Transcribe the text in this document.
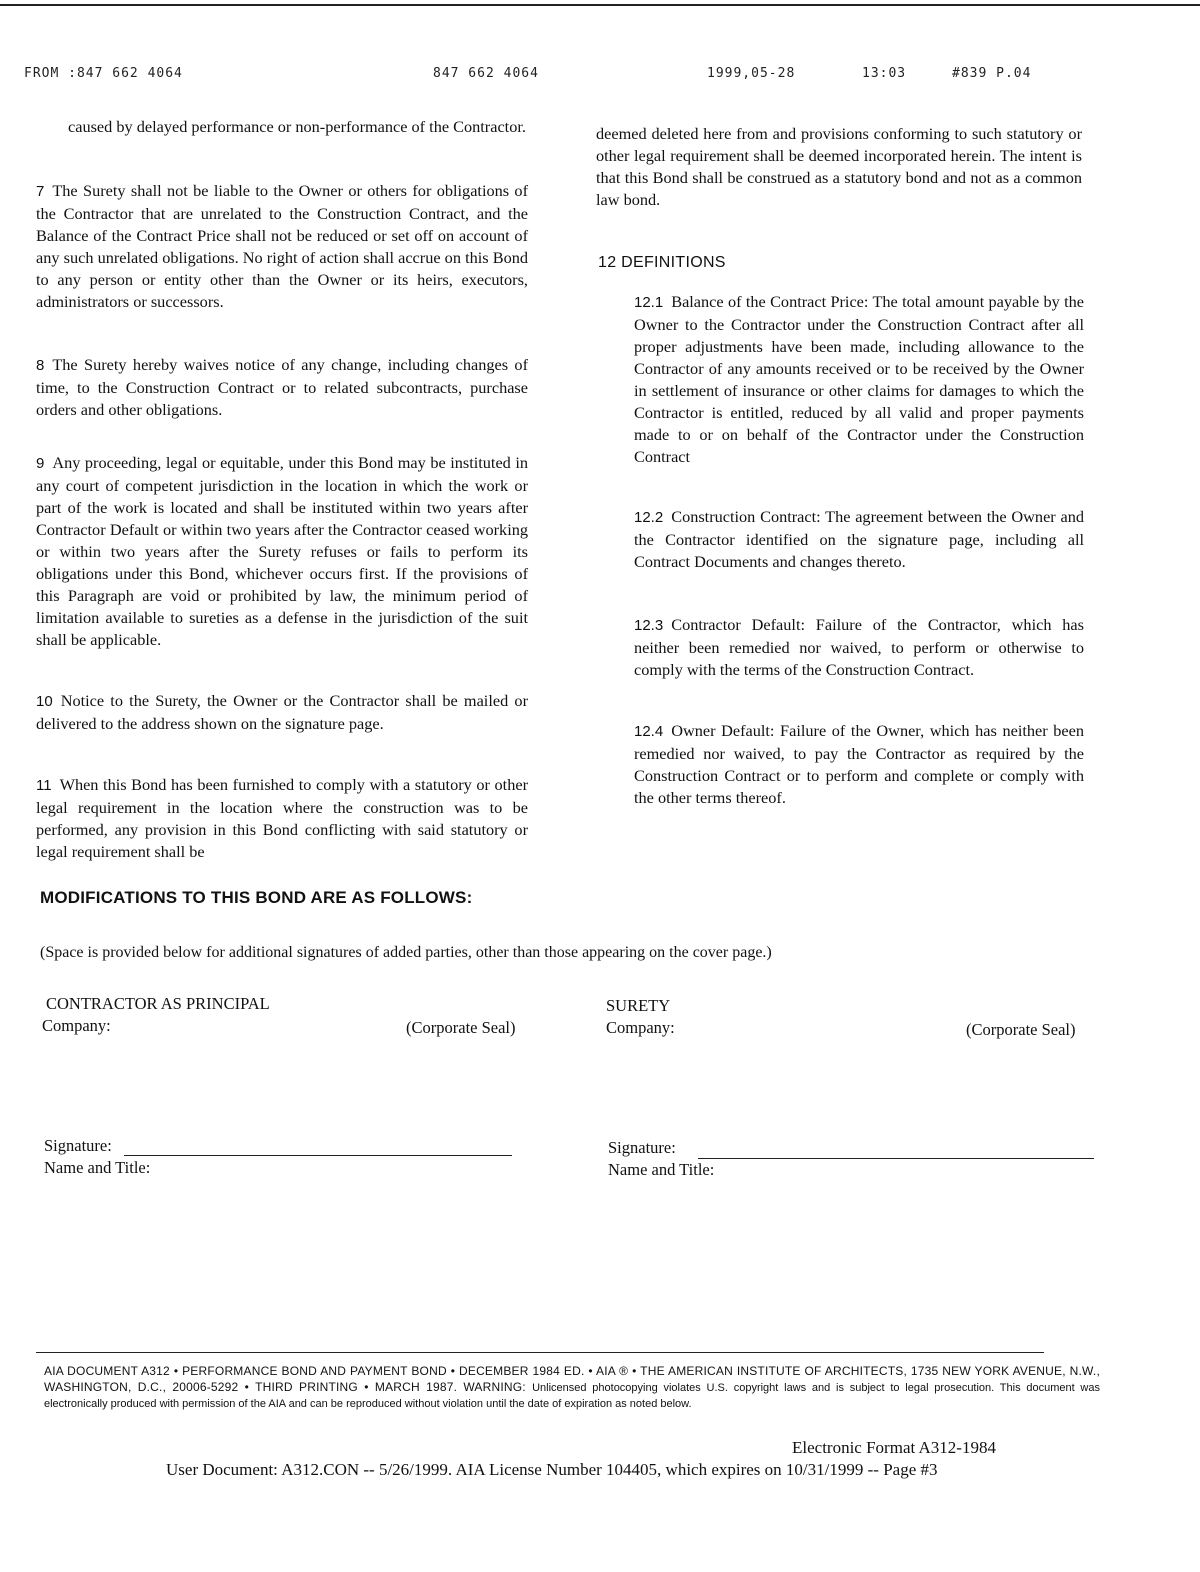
FROM :847 662 4064	847 662 4064	1999,05-28	13:03	#839 P.04

caused by delayed performance or non-performance of the Contractor.

7 The Surety shall not be liable to the Owner or others for obligations of the Contractor that are unrelated to the Construction Contract, and the Balance of the Contract Price shall not be reduced or set off on account of any such unrelated obligations. No right of action shall accrue on this Bond to any person or entity other than the Owner or its heirs, executors, administrators or successors.

8 The Surety hereby waives notice of any change, including changes of time, to the Construction Contract or to related subcontracts, purchase orders and other obligations.

9 Any proceeding, legal or equitable, under this Bond may be instituted in any court of competent jurisdiction in the location in which the work or part of the work is located and shall be instituted within two years after Contractor Default or within two years after the Contractor ceased working or within two years after the Surety refuses or fails to perform its obligations under this Bond, whichever occurs first. If the provisions of this Paragraph are void or prohibited by law, the minimum period of limitation available to sureties as a defense in the jurisdiction of the suit shall be applicable.

10 Notice to the Surety, the Owner or the Contractor shall be mailed or delivered to the address shown on the signature page.

11 When this Bond has been furnished to comply with a statutory or other legal requirement in the location where the construction was to be performed, any provision in this Bond conflicting with said statutory or legal requirement shall be

deemed deleted here from and provisions conforming to such statutory or other legal requirement shall be deemed incorporated herein. The intent is that this Bond shall be construed as a statutory bond and not as a common law bond.

12 DEFINITIONS

12.1 Balance of the Contract Price: The total amount payable by the Owner to the Contractor under the Construction Contract after all proper adjustments have been made, including allowance to the Contractor of any amounts received or to be received by the Owner in settlement of insurance or other claims for damages to which the Contractor is entitled, reduced by all valid and proper payments made to or on behalf of the Contractor under the Construction Contract

12.2 Construction Contract: The agreement between the Owner and the Contractor identified on the signature page, including all Contract Documents and changes thereto.

12.3 Contractor Default: Failure of the Contractor, which has neither been remedied nor waived, to perform or otherwise to comply with the terms of the Construction Contract.

12.4 Owner Default: Failure of the Owner, which has neither been remedied nor waived, to pay the Contractor as required by the Construction Contract or to perform and complete or comply with the other terms thereof.

MODIFICATIONS TO THIS BOND ARE AS FOLLOWS:
(Space is provided below for additional signatures of added parties, other than those appearing on the cover page.)
CONTRACTOR AS PRINCIPAL
Company:	(Corporate Seal)
Signature:
Name and Title:
SURETY
Company:	(Corporate Seal)
Signature:
Name and Title:
AIA DOCUMENT A312 • PERFORMANCE BOND AND PAYMENT BOND • DECEMBER 1984 ED. • AIA ® • THE AMERICAN INSTITUTE OF ARCHITECTS, 1735 NEW YORK AVENUE, N.W., WASHINGTON, D.C., 20006-5292 • THIRD PRINTING • MARCH 1987. WARNING: Unlicensed photocopying violates U.S. copyright laws and is subject to legal prosecution. This document was electronically produced with permission of the AIA and can be reproduced without violation until the date of expiration as noted below.
Electronic Format A312-1984
User Document: A312.CON -- 5/26/1999. AIA License Number 104405, which expires on 10/31/1999 -- Page #3
